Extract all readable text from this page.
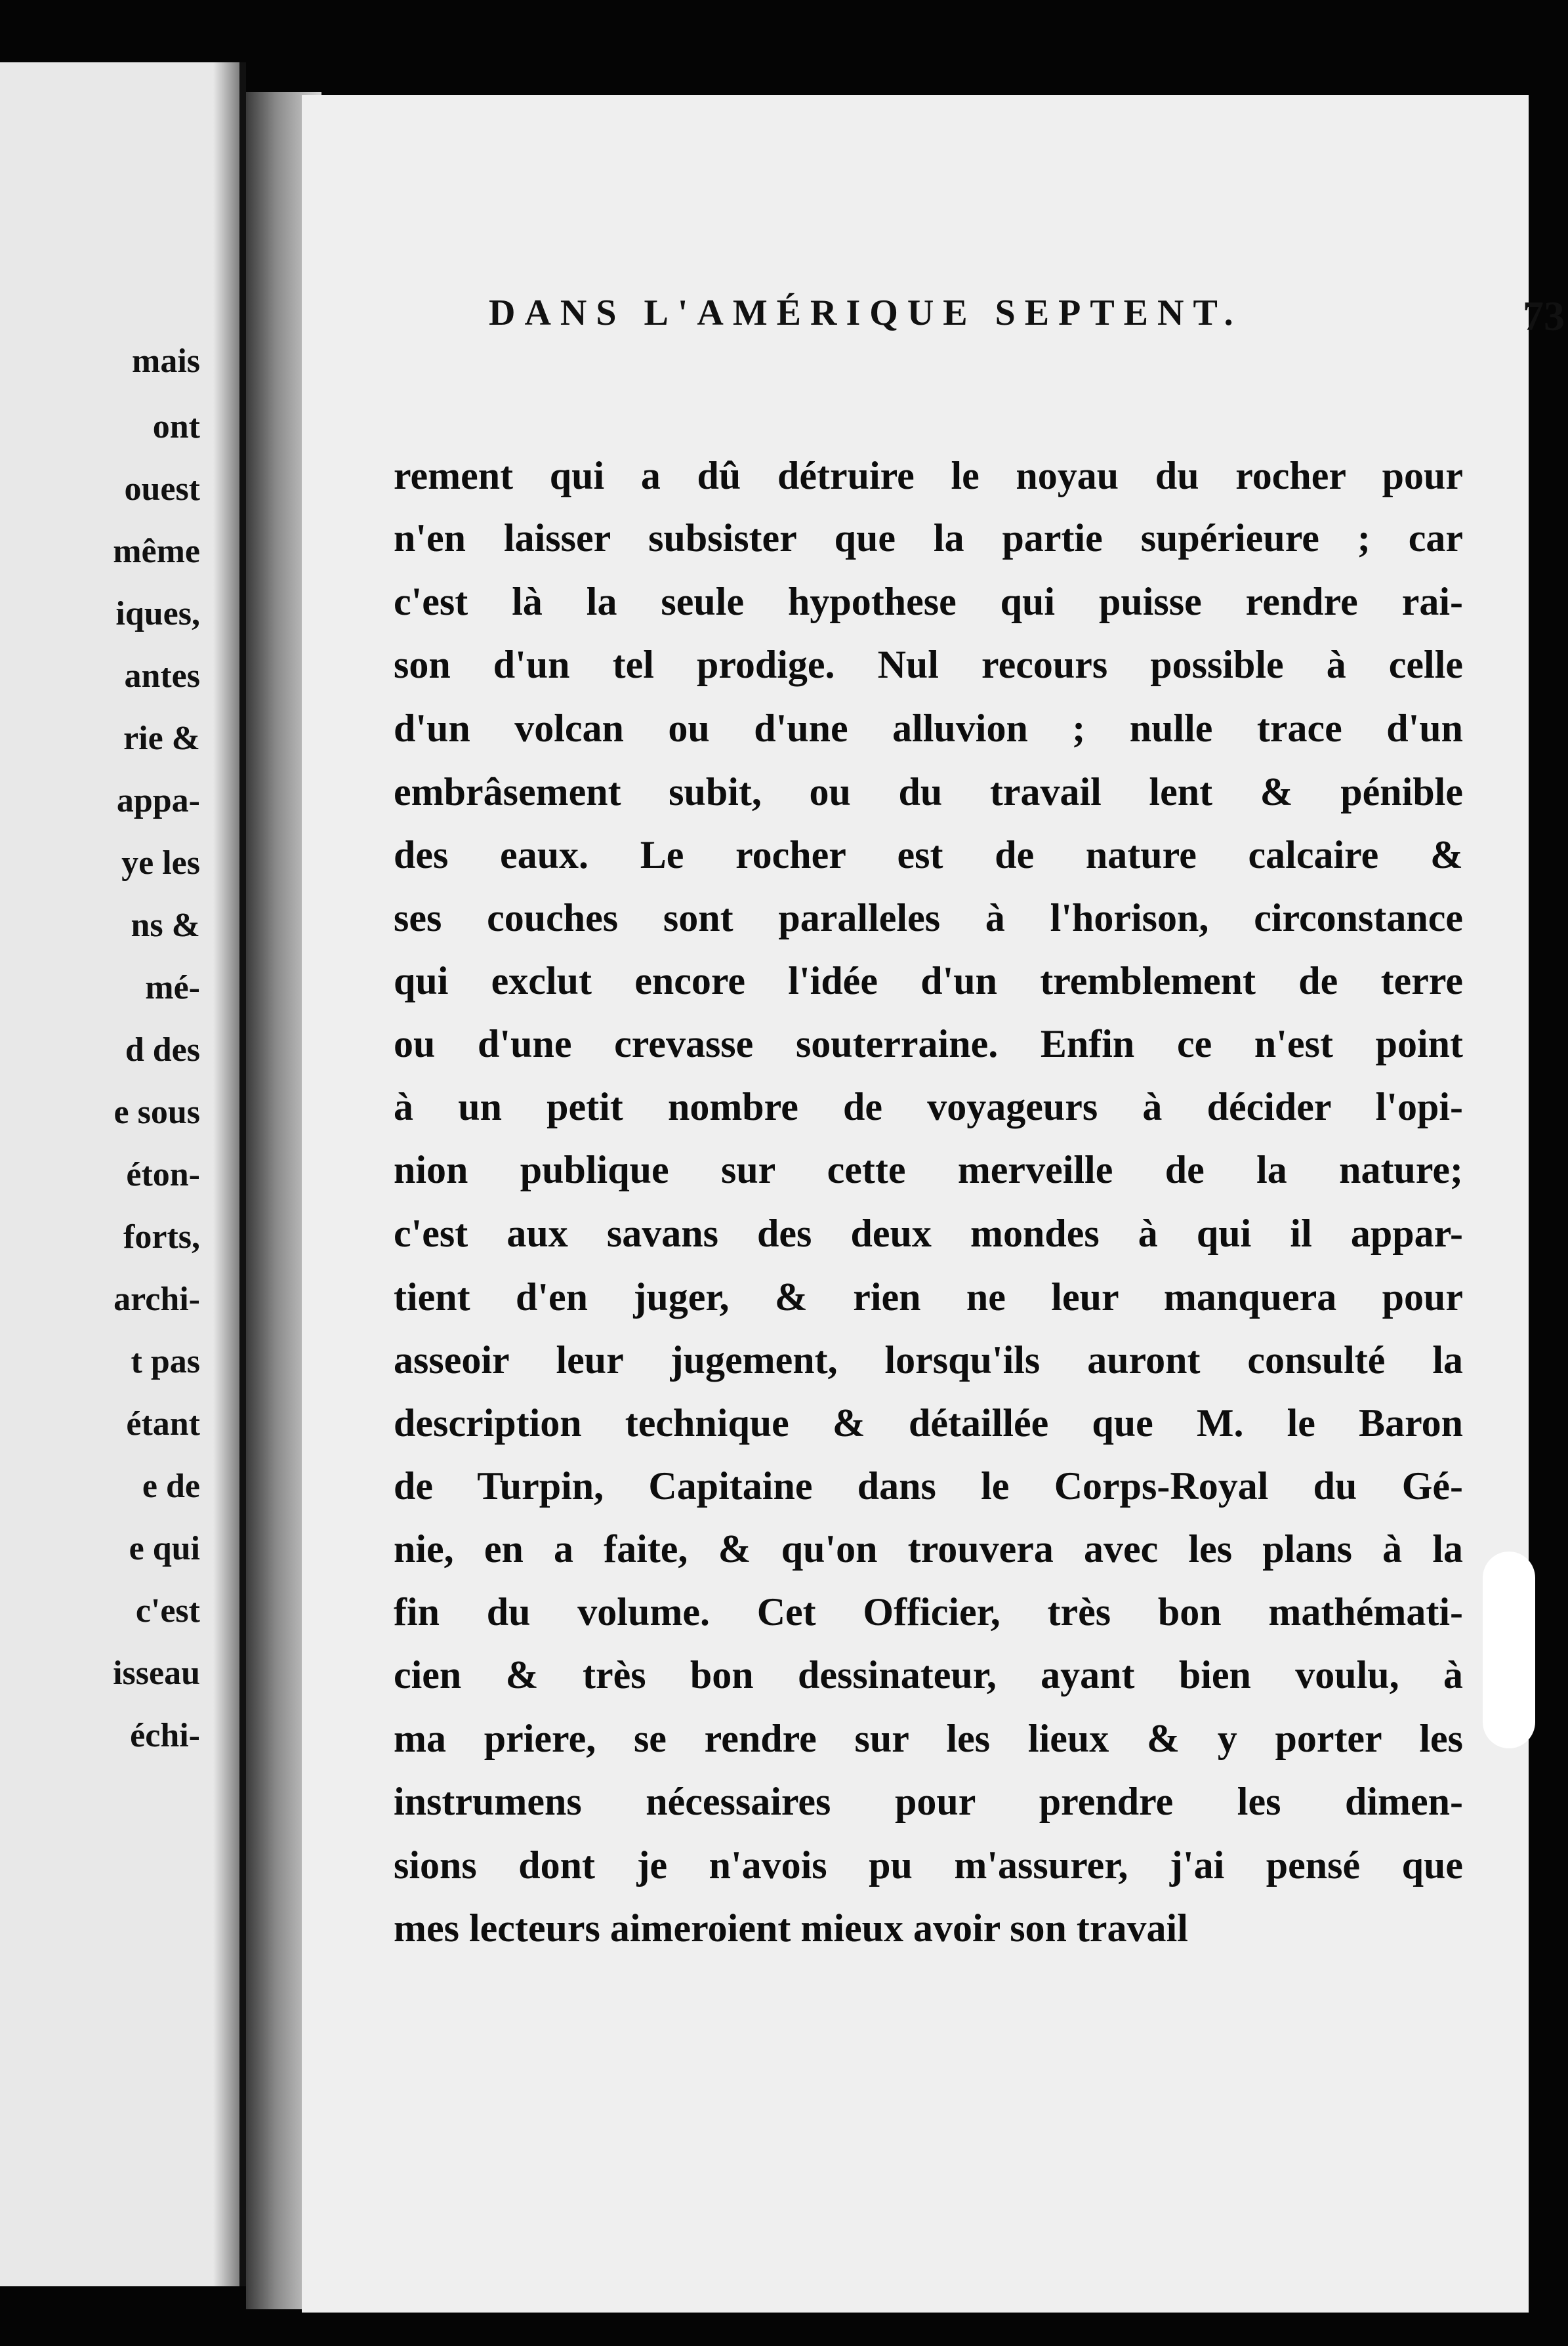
mais
ont
ouest
même
iques,
antes
rie &
appa-
ye les
ns &
mé-
d des
e sous
éton-
forts,
archi-
t pas
étant
e de
e qui
c'est
isseau
échi-
DANS L'AMÉRIQUE SEPTENT.	73
rement qui a dû détruire le noyau du rocher pour
n'en laisser subsister que la partie supérieure ; car
c'est là la seule hypothese qui puisse rendre rai-
son d'un tel prodige. Nul recours possible à celle
d'un volcan ou d'une alluvion ; nulle trace d'un
embrâsement subit, ou du travail lent & pénible
des eaux. Le rocher est de nature calcaire &
ses couches sont paralleles à l'horison, circonstance
qui exclut encore l'idée d'un tremblement de terre
ou d'une crevasse souterraine. Enfin ce n'est point
à un petit nombre de voyageurs à décider l'opi-
nion publique sur cette merveille de la nature;
c'est aux savans des deux mondes à qui il appar-
tient d'en juger, & rien ne leur manquera pour
asseoir leur jugement, lorsqu'ils auront consulté la
description technique & détaillée que M. le Baron
de Turpin, Capitaine dans le Corps-Royal du Gé-
nie, en a faite, & qu'on trouvera avec les plans à la
fin du volume. Cet Officier, très bon mathémati-
cien & très bon dessinateur, ayant bien voulu, à
ma priere, se rendre sur les lieux & y porter les
instrumens nécessaires pour prendre les dimen-
sions dont je n'avois pu m'assurer, j'ai pensé que
mes lecteurs aimeroient mieux avoir son travail
